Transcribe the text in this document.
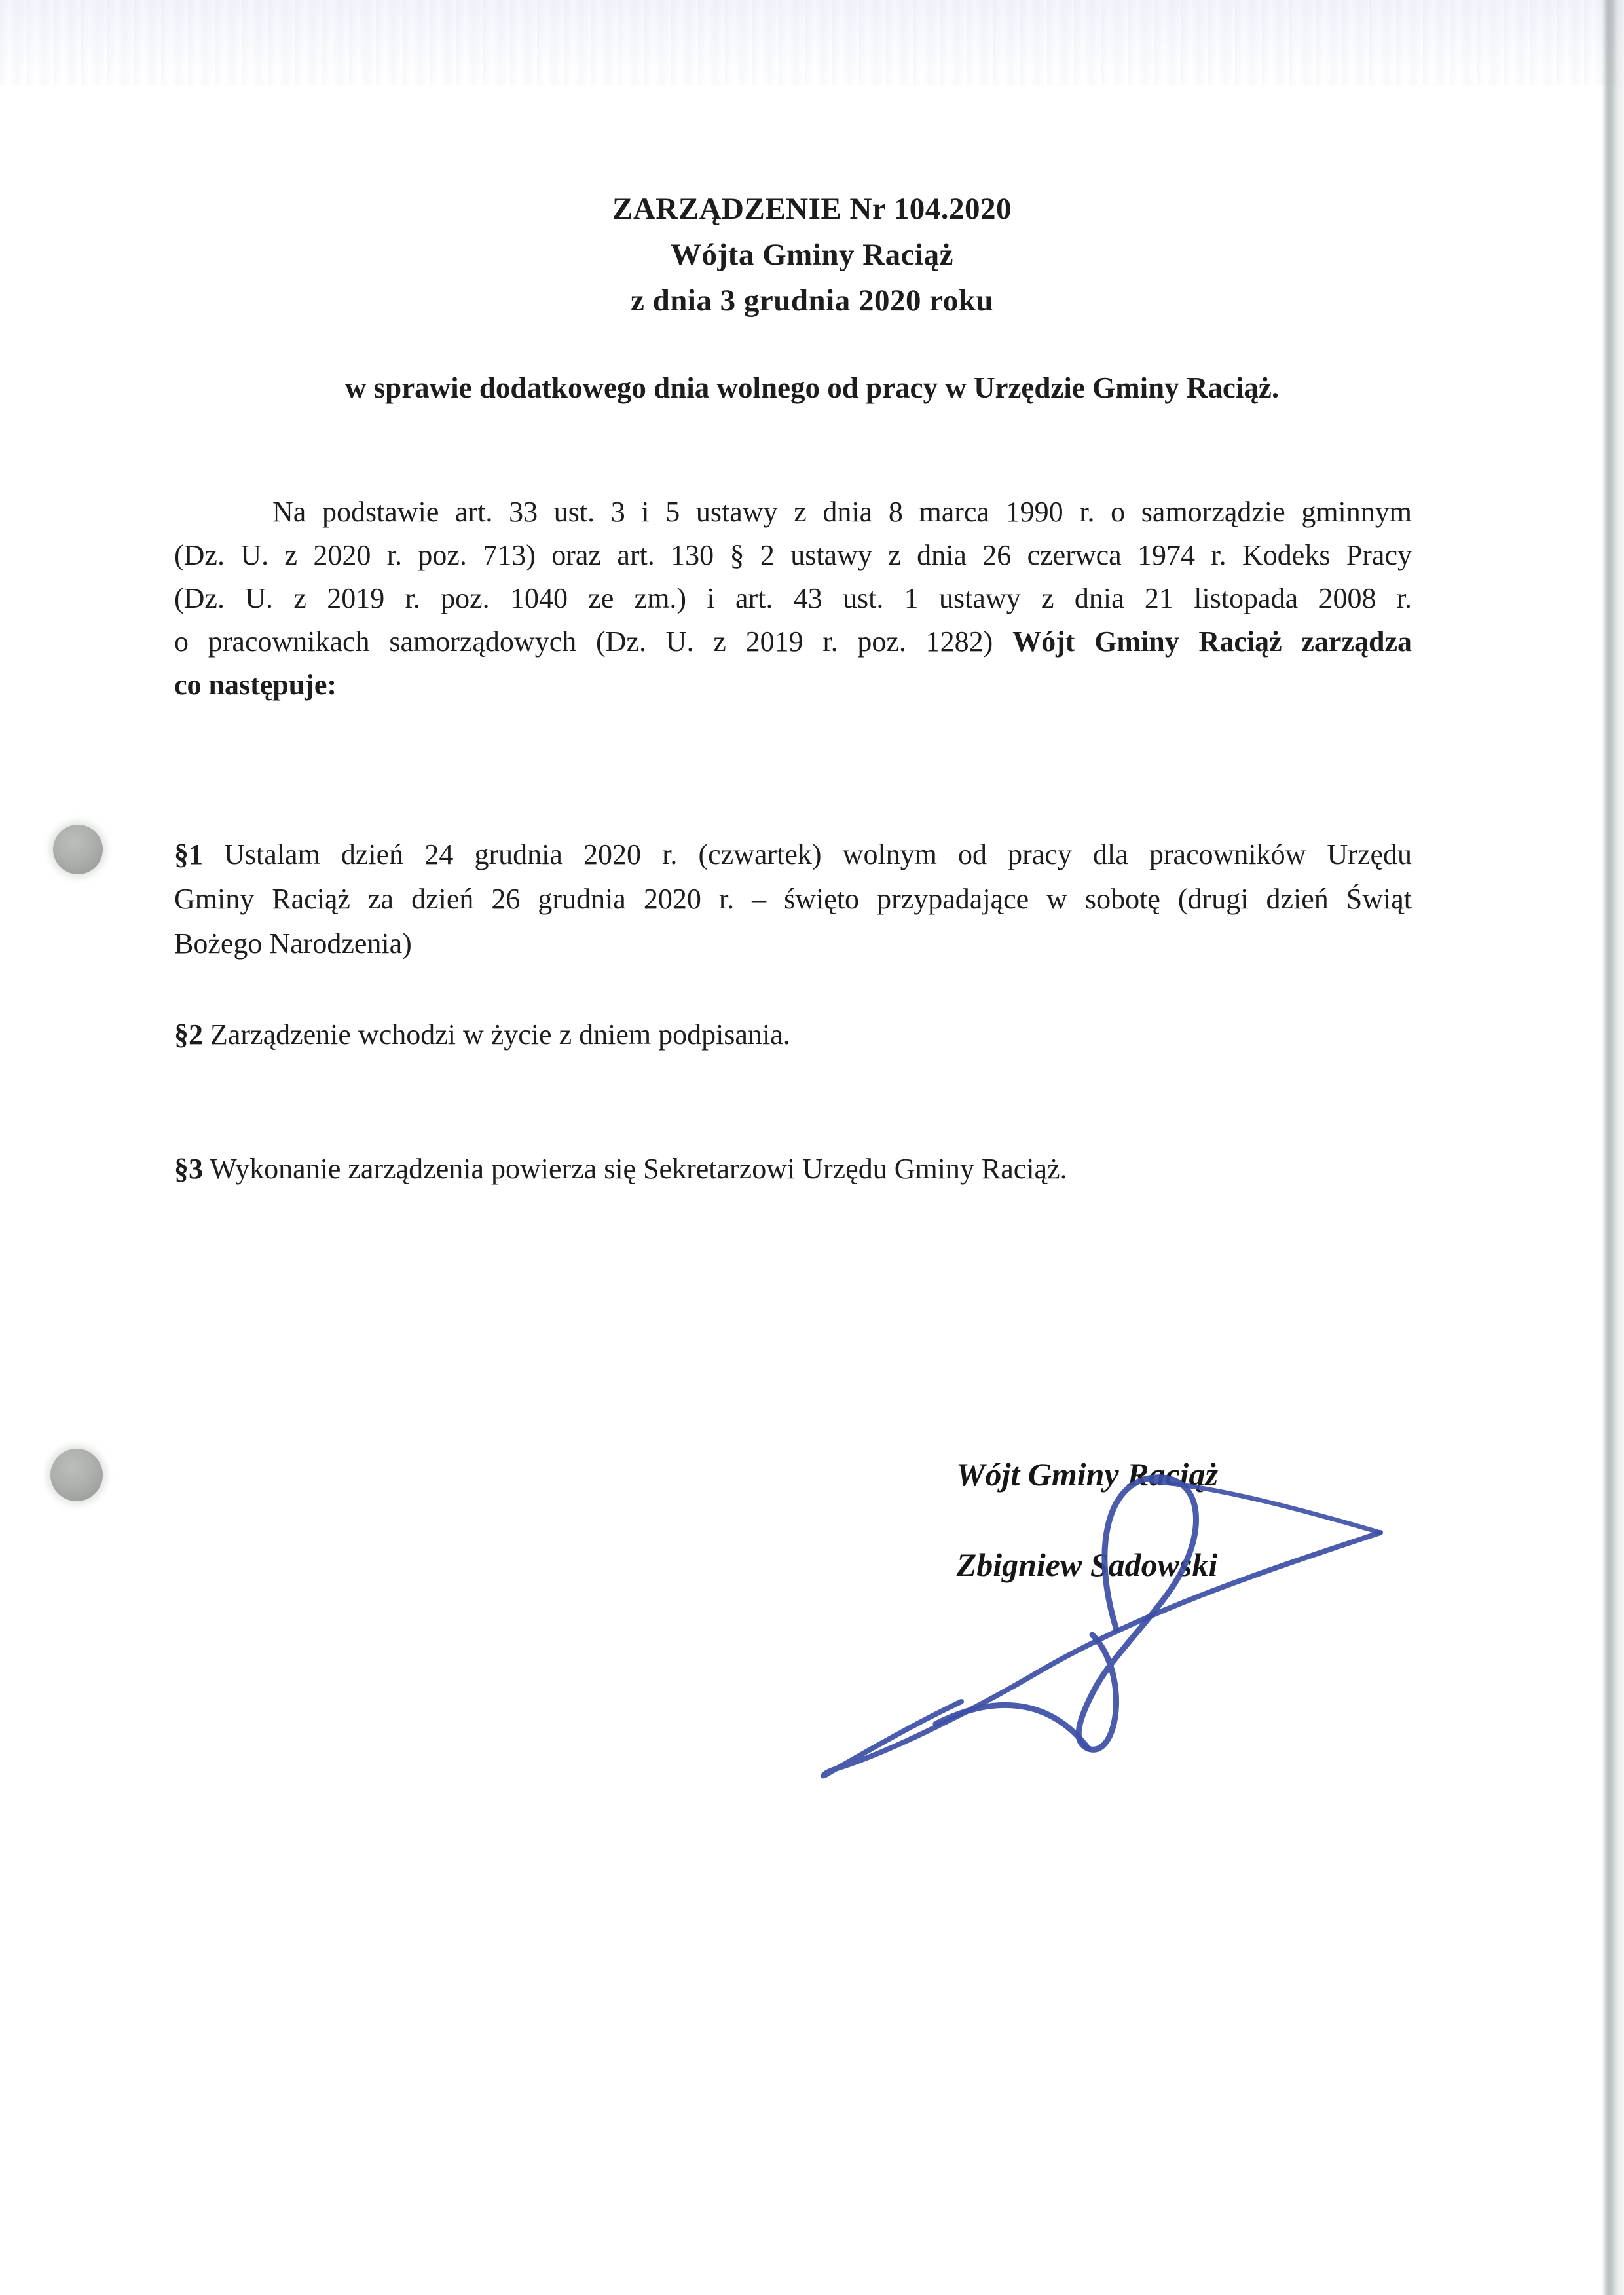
ZARZĄDZENIE Nr 104.2020
Wójta Gminy Raciąż
z dnia 3 grudnia 2020 roku
w sprawie dodatkowego dnia wolnego od pracy w Urzędzie Gminy Raciąż.
Na podstawie art. 33 ust. 3 i 5 ustawy z dnia 8 marca 1990 r. o samorządzie gminnym
(Dz. U. z 2020 r. poz. 713) oraz art. 130 § 2 ustawy z dnia 26 czerwca 1974 r. Kodeks Pracy
(Dz. U. z 2019 r. poz. 1040 ze zm.) i art. 43 ust. 1 ustawy z dnia 21 listopada 2008 r.
o pracownikach samorządowych (Dz. U. z 2019 r. poz. 1282) Wójt Gminy Raciąż zarządza
co następuje:
§1 Ustalam dzień 24 grudnia 2020 r. (czwartek) wolnym od pracy dla pracowników Urzędu
Gminy Raciąż za dzień 26 grudnia 2020 r. – święto przypadające w sobotę (drugi dzień Świąt
Bożego Narodzenia)
§2 Zarządzenie wchodzi w życie z dniem podpisania.
§3 Wykonanie zarządzenia powierza się Sekretarzowi Urzędu Gminy Raciąż.
Wójt Gminy Raciąż
Zbigniew Sadowski
